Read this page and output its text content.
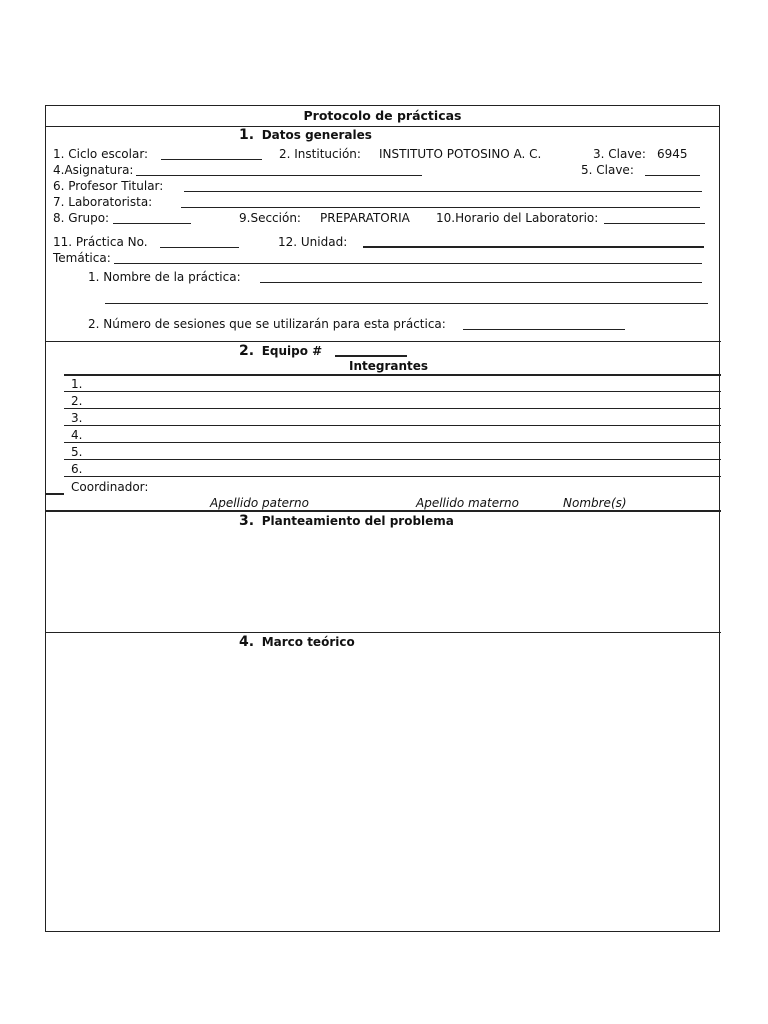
Protocolo de prácticas
1. Datos generales
1. Ciclo escolar:	2. Institución: INSTITUTO POTOSINO A. C.	3. Clave: 6945
4.Asignatura:	5. Clave:
6. Profesor Titular:
7. Laboratorista:
8. Grupo:	9.Sección: PREPARATORIA 10.Horario del Laboratorio:
11. Práctica No.	12. Unidad:
Temática:
1. Nombre de la práctica:
2. Número de sesiones que se utilizarán para esta práctica:
2. Equipo #
Integrantes
1.
2.
3.
4.
5.
6.
Coordinador:
Apellido paterno	Apellido materno	Nombre(s)
3. Planteamiento del problema
4. Marco teórico
